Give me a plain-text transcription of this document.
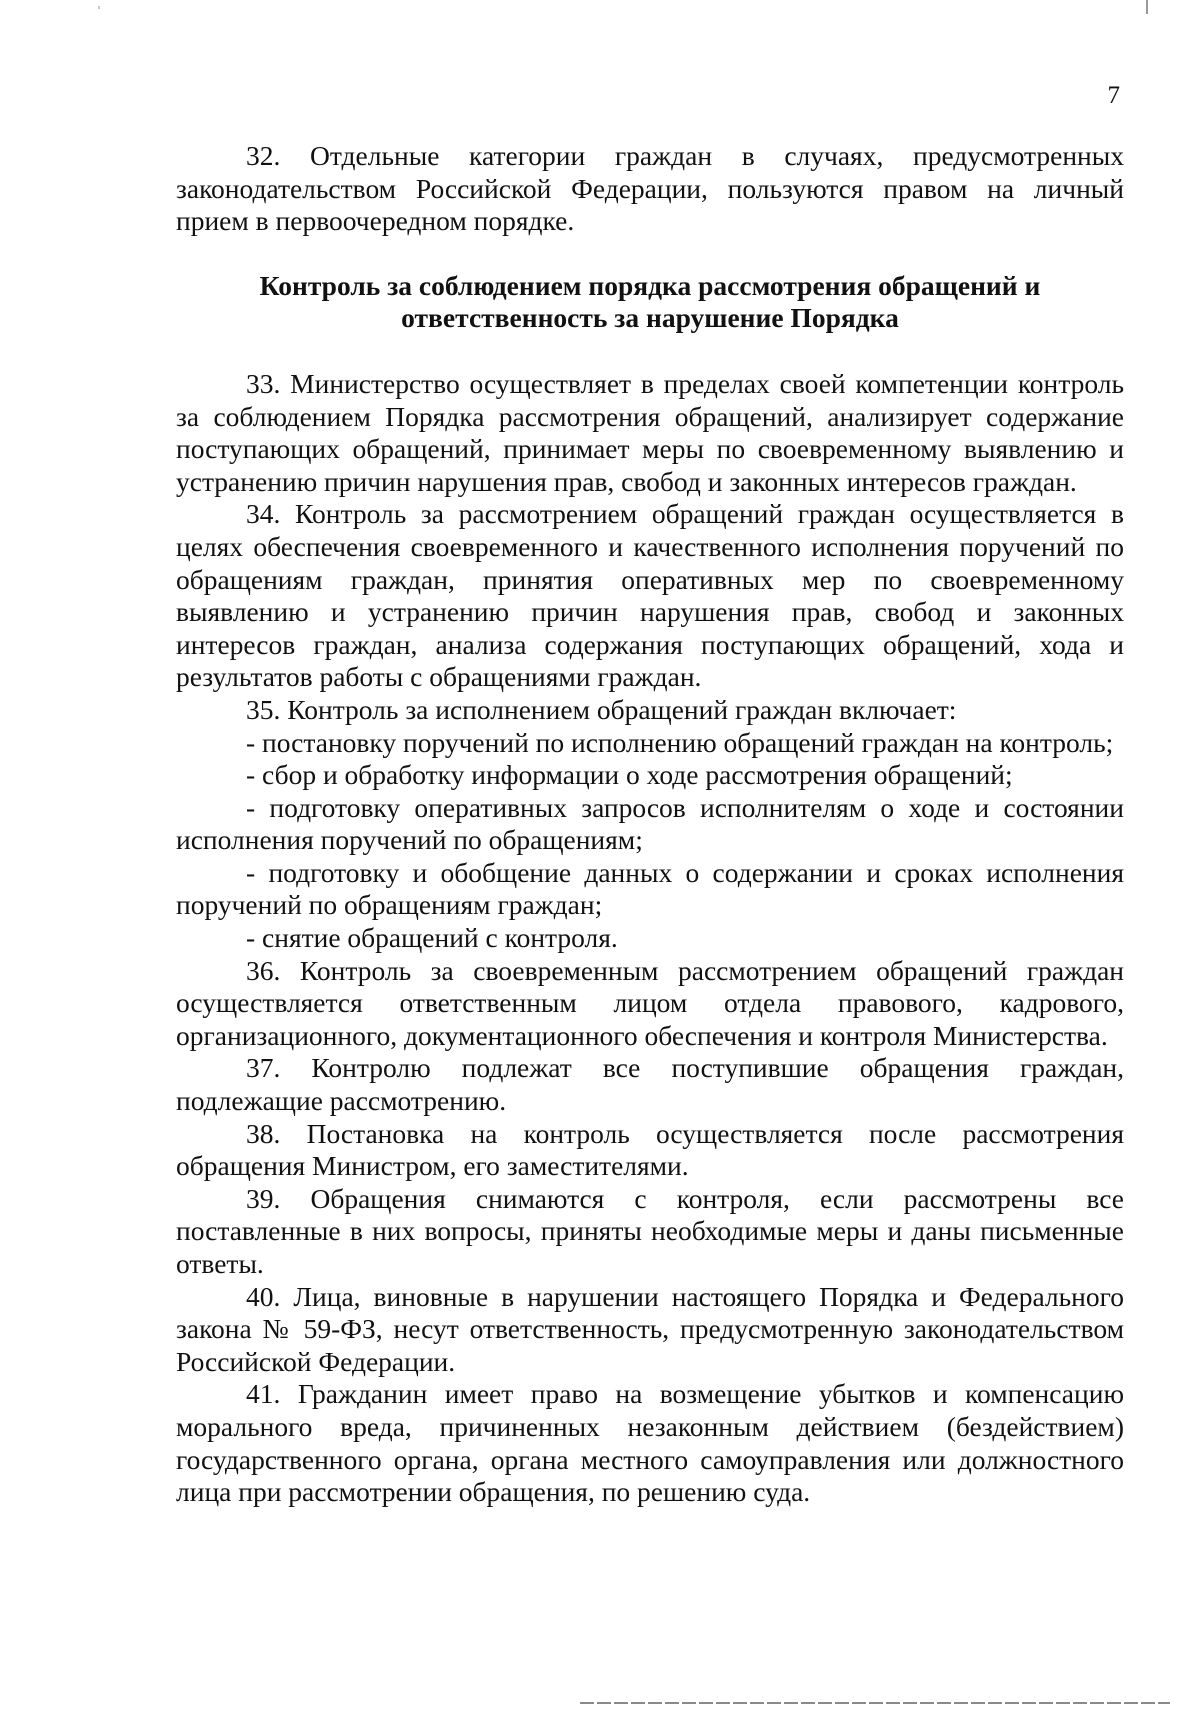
7

32. Отдельные категории граждан в случаях, предусмотренных законодательством Российской Федерации, пользуются правом на личный прием в первоочередном порядке.

Контроль за соблюдением порядка рассмотрения обращений и ответственность за нарушение Порядка

33. Министерство осуществляет в пределах своей компетенции контроль за соблюдением Порядка рассмотрения обращений, анализирует содержание поступающих обращений, принимает меры по своевременному выявлению и устранению причин нарушения прав, свобод и законных интересов граждан.

34. Контроль за рассмотрением обращений граждан осуществляется в целях обеспечения своевременного и качественного исполнения поручений по обращениям граждан, принятия оперативных мер по своевременному выявлению и устранению причин нарушения прав, свобод и законных интересов граждан, анализа содержания поступающих обращений, хода и результатов работы с обращениями граждан.

35. Контроль за исполнением обращений граждан включает:

- постановку поручений по исполнению обращений граждан на контроль;

- сбор и обработку информации о ходе рассмотрения обращений;

- подготовку оперативных запросов исполнителям о ходе и состоянии исполнения поручений по обращениям;

- подготовку и обобщение данных о содержании и сроках исполнения поручений по обращениям граждан;

- снятие обращений с контроля.

36. Контроль за своевременным рассмотрением обращений граждан осуществляется ответственным лицом отдела правового, кадрового, организационного, документационного обеспечения и контроля Министерства.

37. Контролю подлежат все поступившие обращения граждан, подлежащие рассмотрению.

38. Постановка на контроль осуществляется после рассмотрения обращения Министром, его заместителями.

39. Обращения снимаются с контроля, если рассмотрены все поставленные в них вопросы, приняты необходимые меры и даны письменные ответы.

40. Лица, виновные в нарушении настоящего Порядка и Федерального закона № 59-ФЗ, несут ответственность, предусмотренную законодательством Российской Федерации.

41. Гражданин имеет право на возмещение убытков и компенсацию морального вреда, причиненных незаконным действием (бездействием) государственного органа, органа местного самоуправления или должностного лица при рассмотрении обращения, по решению суда.
